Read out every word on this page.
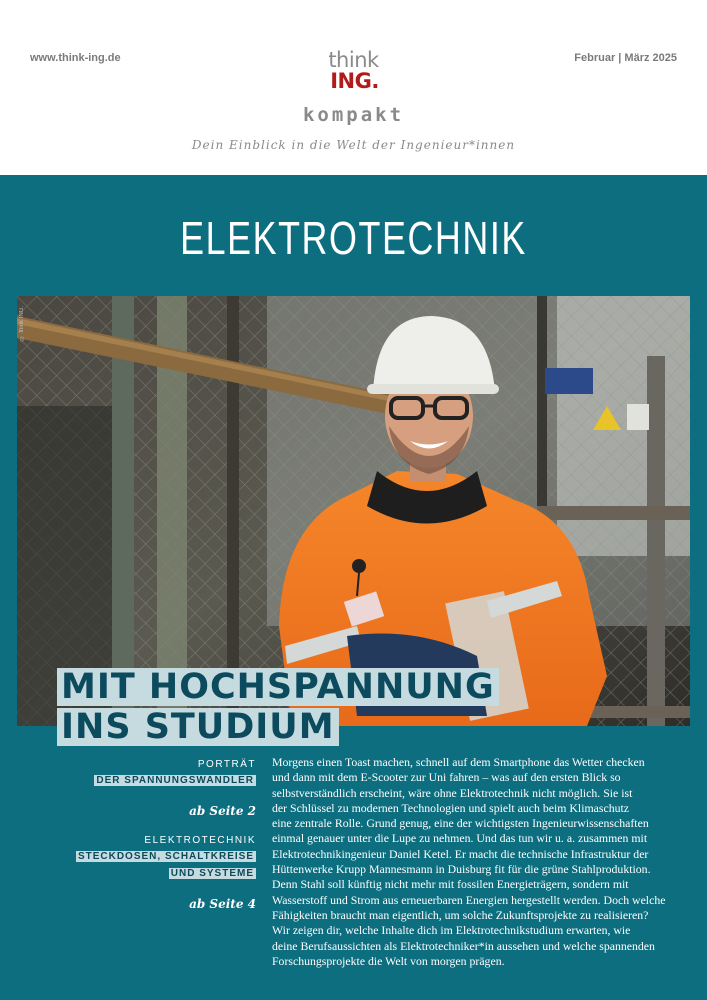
www.think-ing.de	think
ING.
kompakt
Februar | März 2025
Dein Einblick in die Welt der Ingenieur*innen
ELEKTROTECHNIK
© think ING.
MIT HOCHSPANNUNG
INS STUDIUM
PORTRÄT
DER SPANNUNGSWANDLER
ab Seite 2
ELEKTROTECHNIK
STECKDOSEN, SCHALTKREISE
UND SYSTEME
ab Seite 4

Morgens einen Toast machen, schnell auf dem Smartphone das Wetter checken
und dann mit dem E-Scooter zur Uni fahren – was auf den ersten Blick so
selbstverständlich erscheint, wäre ohne Elektrotechnik nicht möglich. Sie ist
der Schlüssel zu modernen Technologien und spielt auch beim Klimaschutz
eine zentrale Rolle. Grund genug, eine der wichtigsten Ingenieurwissenschaften
einmal genauer unter die Lupe zu nehmen. Und das tun wir u. a. zusammen mit
Elektrotechnikingenieur Daniel Ketel. Er macht die technische Infrastruktur der
Hüttenwerke Krupp Mannesmann in Duisburg fit für die grüne Stahlproduktion.
Denn Stahl soll künftig nicht mehr mit fossilen Energieträgern, sondern mit
Wasserstoff und Strom aus erneuerbaren Energien hergestellt werden. Doch welche
Fähigkeiten braucht man eigentlich, um solche Zukunftsprojekte zu realisieren?
Wir zeigen dir, welche Inhalte dich im Elektrotechnikstudium erwarten, wie
deine Berufsaussichten als Elektrotechniker*in aussehen und welche spannenden
Forschungsprojekte die Welt von morgen prägen.
